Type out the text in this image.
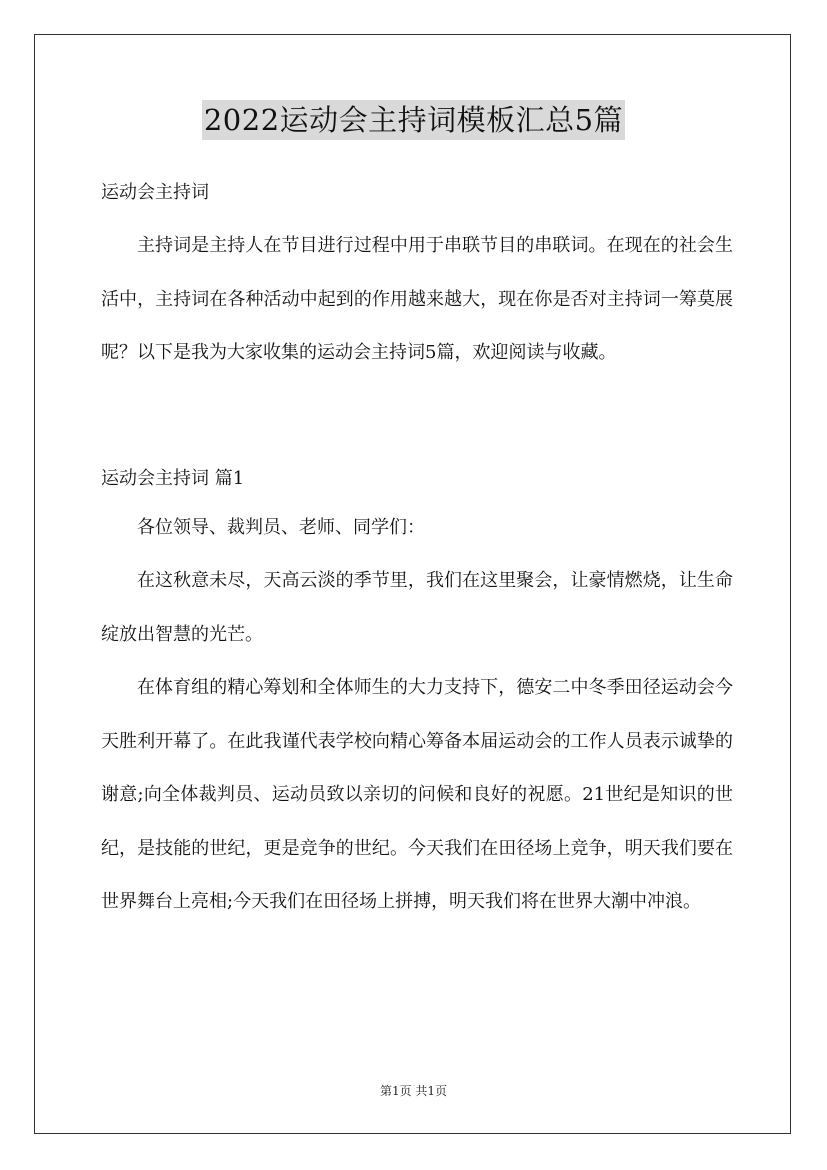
2022运动会主持词模板汇总5篇

运动会主持词

主持词是主持人在节目进行过程中用于串联节目的串联词。在现在的社会生活中，主持词在各种活动中起到的作用越来越大，现在你是否对主持词一筹莫展呢？以下是我为大家收集的运动会主持词5篇，欢迎阅读与收藏。

运动会主持词 篇1

各位领导、裁判员、老师、同学们：

在这秋意未尽，天高云淡的季节里，我们在这里聚会，让豪情燃烧，让生命绽放出智慧的光芒。

在体育组的精心筹划和全体师生的大力支持下，德安二中冬季田径运动会今天胜利开幕了。在此我谨代表学校向精心筹备本届运动会的工作人员表示诚挚的谢意;向全体裁判员、运动员致以亲切的问候和良好的祝愿。21世纪是知识的世纪，是技能的世纪，更是竞争的世纪。今天我们在田径场上竞争，明天我们要在世界舞台上亮相;今天我们在田径场上拼搏，明天我们将在世界大潮中冲浪。

第1页 共1页
